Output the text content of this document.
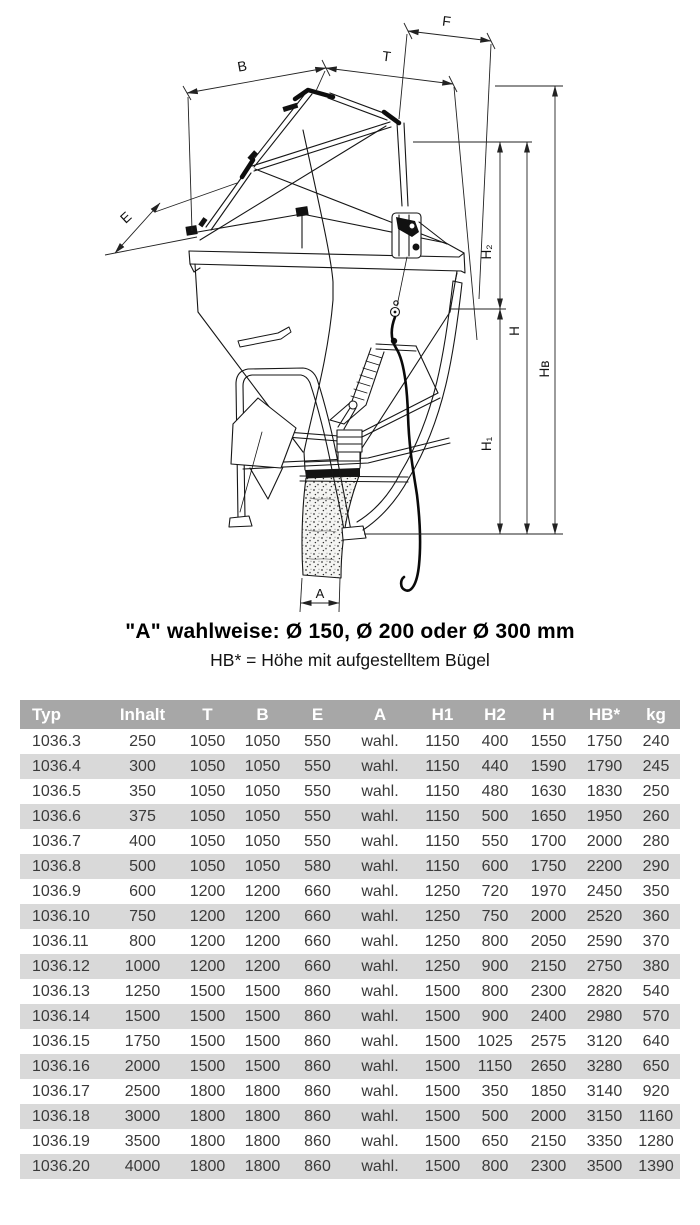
B
T
F
E
A
H₂
H
Hʙ
H₁
"A" wahlweise: Ø 150, Ø 200 oder Ø 300 mm
HB* = Höhe mit aufgestelltem Bügel
Typ	Inhalt	T	B	E	A	H1	H2	H	HB*	kg
1036.3	250	1050	1050	550	wahl.	1150	400	1550	1750	240
1036.4	300	1050	1050	550	wahl.	1150	440	1590	1790	245
1036.5	350	1050	1050	550	wahl.	1150	480	1630	1830	250
1036.6	375	1050	1050	550	wahl.	1150	500	1650	1950	260
1036.7	400	1050	1050	550	wahl.	1150	550	1700	2000	280
1036.8	500	1050	1050	580	wahl.	1150	600	1750	2200	290
1036.9	600	1200	1200	660	wahl.	1250	720	1970	2450	350
1036.10	750	1200	1200	660	wahl.	1250	750	2000	2520	360
1036.11	800	1200	1200	660	wahl.	1250	800	2050	2590	370
1036.12	1000	1200	1200	660	wahl.	1250	900	2150	2750	380
1036.13	1250	1500	1500	860	wahl.	1500	800	2300	2820	540
1036.14	1500	1500	1500	860	wahl.	1500	900	2400	2980	570
1036.15	1750	1500	1500	860	wahl.	1500	1025	2575	3120	640
1036.16	2000	1500	1500	860	wahl.	1500	1150	2650	3280	650
1036.17	2500	1800	1800	860	wahl.	1500	350	1850	3140	920
1036.18	3000	1800	1800	860	wahl.	1500	500	2000	3150	1160
1036.19	3500	1800	1800	860	wahl.	1500	650	2150	3350	1280
1036.20	4000	1800	1800	860	wahl.	1500	800	2300	3500	1390
